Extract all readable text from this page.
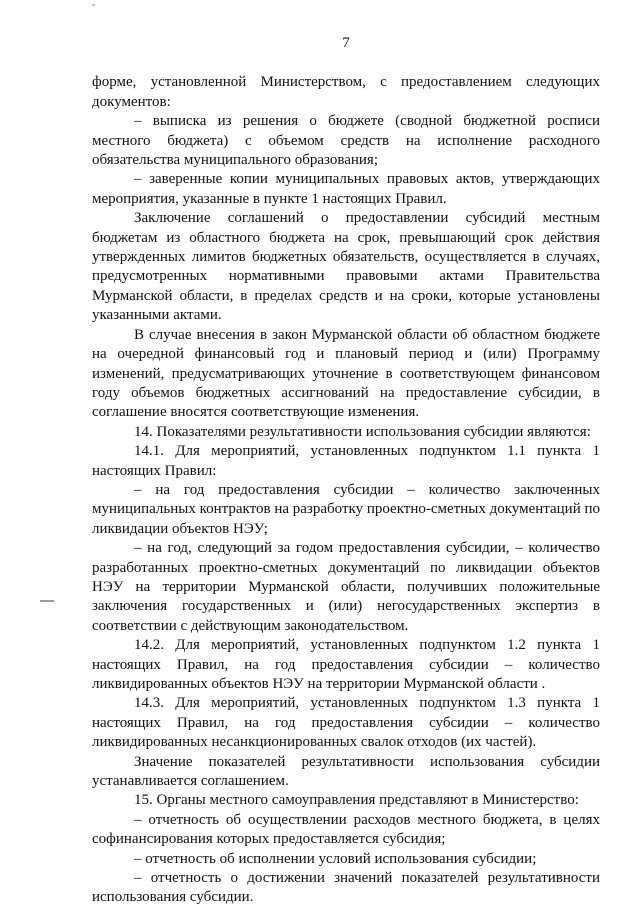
7

форме, установленной Министерством, с предоставлением следующих документов:

– выписка из решения о бюджете (сводной бюджетной росписи местного бюджета) с объемом средств на исполнение расходного обязательства муниципального образования;

– заверенные копии муниципальных правовых актов, утверждающих мероприятия, указанные в пункте 1 настоящих Правил.

Заключение соглашений о предоставлении субсидий местным бюджетам из областного бюджета на срок, превышающий срок действия утвержденных лимитов бюджетных обязательств, осуществляется в случаях, предусмотренных нормативными правовыми актами Правительства Мурманской области, в пределах средств и на сроки, которые установлены указанными актами.

В случае внесения в закон Мурманской области об областном бюджете на очередной финансовый год и плановый период и (или) Программу изменений, предусматривающих уточнение в соответствующем финансовом году объемов бюджетных ассигнований на предоставление субсидии, в соглашение вносятся соответствующие изменения.

14. Показателями результативности использования субсидии являются:

14.1. Для мероприятий, установленных подпунктом 1.1 пункта 1 настоящих Правил:

– на год предоставления субсидии – количество заключенных муниципальных контрактов на разработку проектно-сметных документаций по ликвидации объектов НЭУ;

– на год, следующий за годом предоставления субсидии, – количество разработанных проектно-сметных документаций по ликвидации объектов НЭУ на территории Мурманской области, получивших положительные заключения государственных и (или) негосударственных экспертиз в соответствии с действующим законодательством.

14.2. Для мероприятий, установленных подпунктом 1.2 пункта 1 настоящих Правил, на год предоставления субсидии – количество ликвидированных объектов НЭУ на территории Мурманской области .

14.3. Для мероприятий, установленных подпунктом 1.3 пункта 1 настоящих Правил, на год предоставления субсидии – количество ликвидированных несанкционированных свалок отходов (их частей).

Значение показателей результативности использования субсидии устанавливается соглашением.

15. Органы местного самоуправления представляют в Министерство:

– отчетность об осуществлении расходов местного бюджета, в целях софинансирования которых предоставляется субсидия;

– отчетность об исполнении условий использования субсидии;

– отчетность о достижении значений показателей результативности использования субсидии.
